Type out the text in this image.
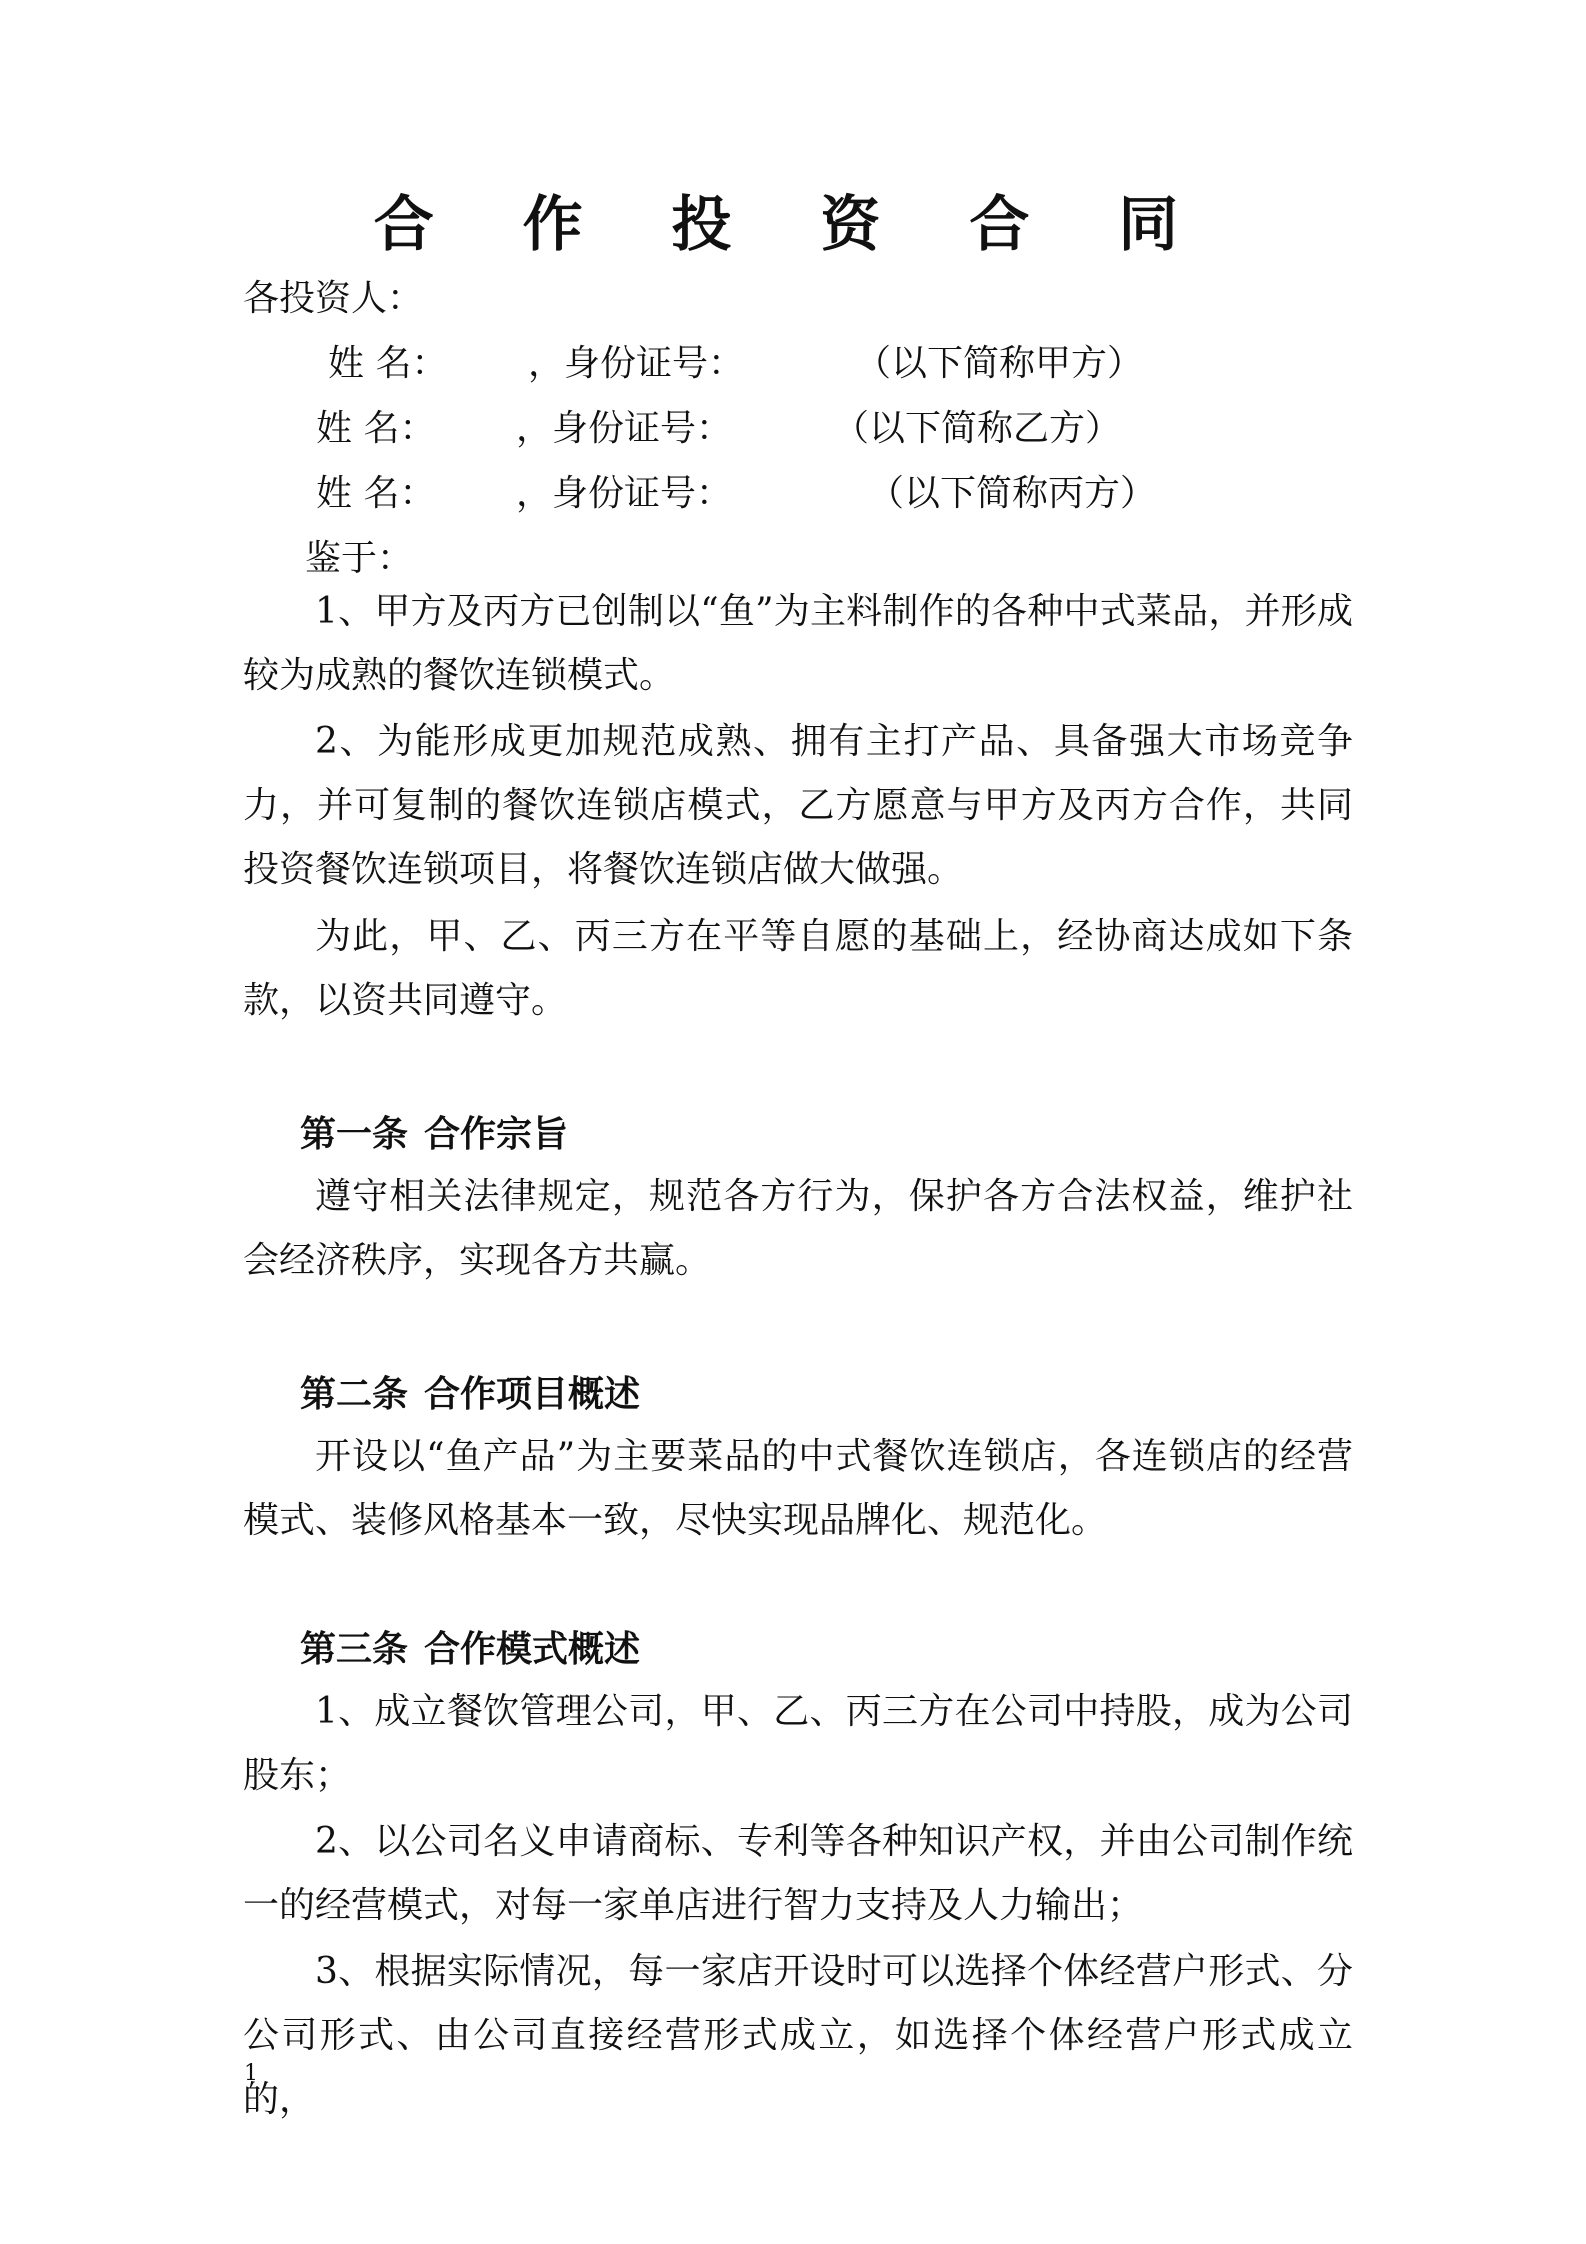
合 作 投 资 合 同
各投资人：
姓 名： ，身份证号：	（以下简称甲方）
姓 名： ，身份证号：	（以下简称乙方）
姓 名： ，身份证号：	（以下简称丙方）
鉴于：

1、甲方及丙方已创制以“鱼”为主料制作的各种中式菜品，并形成较为成熟的餐饮连锁模式。

2、为能形成更加规范成熟、拥有主打产品、具备强大市场竞争力，并可复制的餐饮连锁店模式，乙方愿意与甲方及丙方合作，共同投资餐饮连锁项目，将餐饮连锁店做大做强。

为此，甲、乙、丙三方在平等自愿的基础上，经协商达成如下条款，以资共同遵守。

第一条 合作宗旨

遵守相关法律规定，规范各方行为，保护各方合法权益，维护社会经济秩序，实现各方共赢。

第二条 合作项目概述

开设以“鱼产品”为主要菜品的中式餐饮连锁店，各连锁店的经营模式、装修风格基本一致，尽快实现品牌化、规范化。

第三条 合作模式概述

1、成立餐饮管理公司，甲、乙、丙三方在公司中持股，成为公司股东；

2、以公司名义申请商标、专利等各种知识产权，并由公司制作统一的经营模式，对每一家单店进行智力支持及人力输出；

3、根据实际情况，每一家店开设时可以选择个体经营户形式、分公司形式、由公司直接经营形式成立，如选择个体经营户形式成立的，

1
